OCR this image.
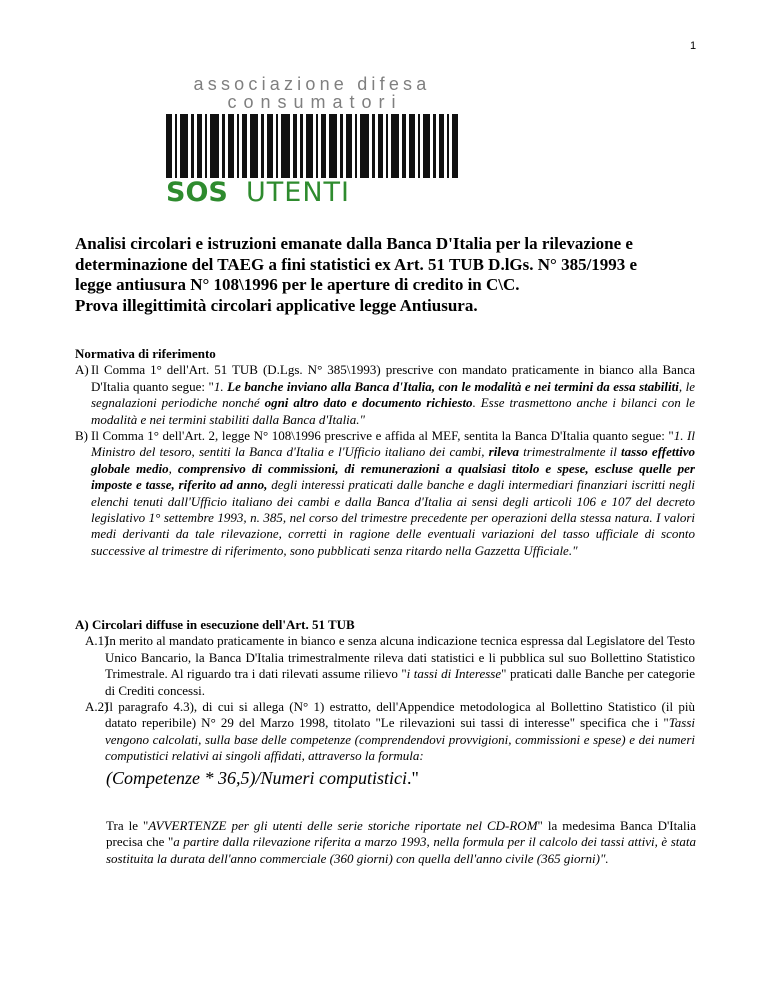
1
associazione difesa
c o n s u m a t o r i
SOS UTENTI
Analisi circolari e istruzioni emanate dalla Banca D'Italia per la rilevazione e
determinazione del TAEG a fini statistici ex Art. 51 TUB D.lGs. N° 385/1993 e
legge antiusura N° 108\1996 per le aperture di credito in C\C.
Prova illegittimità circolari applicative legge Antiusura.
Normativa di riferimento
A) Il Comma 1° dell'Art. 51 TUB (D.Lgs. N° 385\1993) prescrive con mandato praticamente in bianco alla Banca D'Italia quanto segue: "1. Le banche inviano alla Banca d'Italia, con le modalità e nei termini da essa stabiliti, le segnalazioni periodiche nonché ogni altro dato e documento richiesto. Esse trasmettono anche i bilanci con le modalità e nei termini stabiliti dalla Banca d'Italia."
B) Il Comma 1° dell'Art. 2, legge N° 108\1996 prescrive e affida al MEF, sentita la Banca D'Italia quanto segue: "1. Il Ministro del tesoro, sentiti la Banca d'Italia e l'Ufficio italiano dei cambi, rileva trimestralmente il tasso effettivo globale medio, comprensivo di commissioni, di remunerazioni a qualsiasi titolo e spese, escluse quelle per imposte e tasse, riferito ad anno, degli interessi praticati dalle banche e dagli intermediari finanziari iscritti negli elenchi tenuti dall'Ufficio italiano dei cambi e dalla Banca d'Italia ai sensi degli articoli 106 e 107 del decreto legislativo 1° settembre 1993, n. 385, nel corso del trimestre precedente per operazioni della stessa natura. I valori medi derivanti da tale rilevazione, corretti in ragione delle eventuali variazioni del tasso ufficiale di sconto successive al trimestre di riferimento, sono pubblicati senza ritardo nella Gazzetta Ufficiale."
A) Circolari diffuse in esecuzione dell'Art. 51 TUB
A.1)
In merito al mandato praticamente in bianco e senza alcuna indicazione tecnica espressa dal Legislatore del Testo Unico Bancario, la Banca D'Italia trimestralmente rileva dati statistici e li pubblica sul suo Bollettino Statistico Trimestrale. Al riguardo tra i dati rilevati assume rilievo "i tassi di Interesse" praticati dalle Banche per categorie di Crediti concessi.
A.2)
Il paragrafo 4.3), di cui si allega (N° 1) estratto, dell'Appendice metodologica al Bollettino Statistico (il più datato reperibile) N° 29 del Marzo 1998, titolato "Le rilevazioni sui tassi di interesse" specifica che i "Tassi vengono calcolati, sulla base delle competenze (comprendendovi provvigioni, commissioni e spese) e dei numeri computistici relativi ai singoli affidati, attraverso la formula:
(Competenze * 36,5)/Numeri computistici."
Tra le "AVVERTENZE per gli utenti delle serie storiche riportate nel CD-ROM" la medesima Banca D'Italia precisa che "a partire dalla rilevazione riferita a marzo 1993, nella formula per il calcolo dei tassi attivi, è stata sostituita la durata dell'anno commerciale (360 giorni) con quella dell'anno civile (365 giorni)".
